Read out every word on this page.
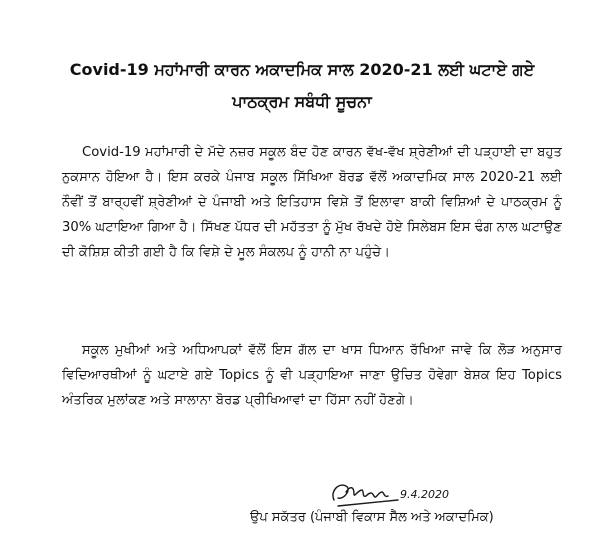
Covid-19 ਮਹਾਂਮਾਰੀ ਕਾਰਨ ਅਕਾਦਮਿਕ ਸਾਲ 2020-21 ਲਈ ਘਟਾਏ ਗਏ
ਪਾਠਕ੍ਰਮ ਸਬੰਧੀ ਸੂਚਨਾ
Covid-19 ਮਹਾਂਮਾਰੀ ਦੇ ਮੱਦੇ ਨਜ਼ਰ ਸਕੂਲ ਬੰਦ ਹੋਣ ਕਾਰਨ ਵੱਖ-ਵੱਖ ਸ਼੍ਰੇਣੀਆਂ ਦੀ ਪੜ੍ਹਾਈ ਦਾ ਬਹੁਤ ਨੁਕਸਾਨ ਹੋਇਆ ਹੈ। ਇਸ ਕਰਕੇ ਪੰਜਾਬ ਸਕੂਲ ਸਿੱਖਿਆ ਬੋਰਡ ਵੱਲੋਂ ਅਕਾਦਮਿਕ ਸਾਲ 2020-21 ਲਈ ਨੌਵੀਂ ਤੋਂ ਬਾਰ੍ਹਵੀਂ ਸ਼੍ਰੇਣੀਆਂ ਦੇ ਪੰਜਾਬੀ ਅਤੇ ਇਤਿਹਾਸ ਵਿਸ਼ੇ ਤੋਂ ਇਲਾਵਾ ਬਾਕੀ ਵਿਸ਼ਿਆਂ ਦੇ ਪਾਠਕ੍ਰਮ ਨੂੰ 30% ਘਟਾਇਆ ਗਿਆ ਹੈ। ਸਿੱਖਣ ਪੱਧਰ ਦੀ ਮਹੱਤਤਾ ਨੂੰ ਮੁੱਖ ਰੱਖਦੇ ਹੋਏ ਸਿਲੇਬਸ ਇਸ ਢੰਗ ਨਾਲ ਘਟਾਉਣ ਦੀ ਕੋਸ਼ਿਸ਼ ਕੀਤੀ ਗਈ ਹੈ ਕਿ ਵਿਸ਼ੇ ਦੇ ਮੂਲ ਸੰਕਲਪ ਨੂੰ ਹਾਨੀ ਨਾ ਪਹੁੰਚੇ।
ਸਕੂਲ ਮੁਖੀਆਂ ਅਤੇ ਅਧਿਆਪਕਾਂ ਵੱਲੋਂ ਇਸ ਗੱਲ ਦਾ ਖਾਸ ਧਿਆਨ ਰੱਖਿਆ ਜਾਵੇ ਕਿ ਲੋੜ ਅਨੁਸਾਰ ਵਿਦਿਆਰਥੀਆਂ ਨੂੰ ਘਟਾਏ ਗਏ Topics ਨੂੰ ਵੀ ਪੜ੍ਹਾਇਆ ਜਾਣਾ ਉਚਿਤ ਹੋਵੇਗਾ ਬੇਸ਼ਕ ਇਹ Topics ਅੰਤਰਿਕ ਮੁਲਾਂਕਣ ਅਤੇ ਸਾਲਾਨਾ ਬੋਰਡ ਪ੍ਰੀਖਿਆਵਾਂ ਦਾ ਹਿੱਸਾ ਨਹੀਂ ਹੋਣਗੇ।
9.4.2020
ਉਪ ਸਕੱਤਰ (ਪੰਜਾਬੀ ਵਿਕਾਸ ਸੈੱਲ ਅਤੇ ਅਕਾਦਮਿਕ)
